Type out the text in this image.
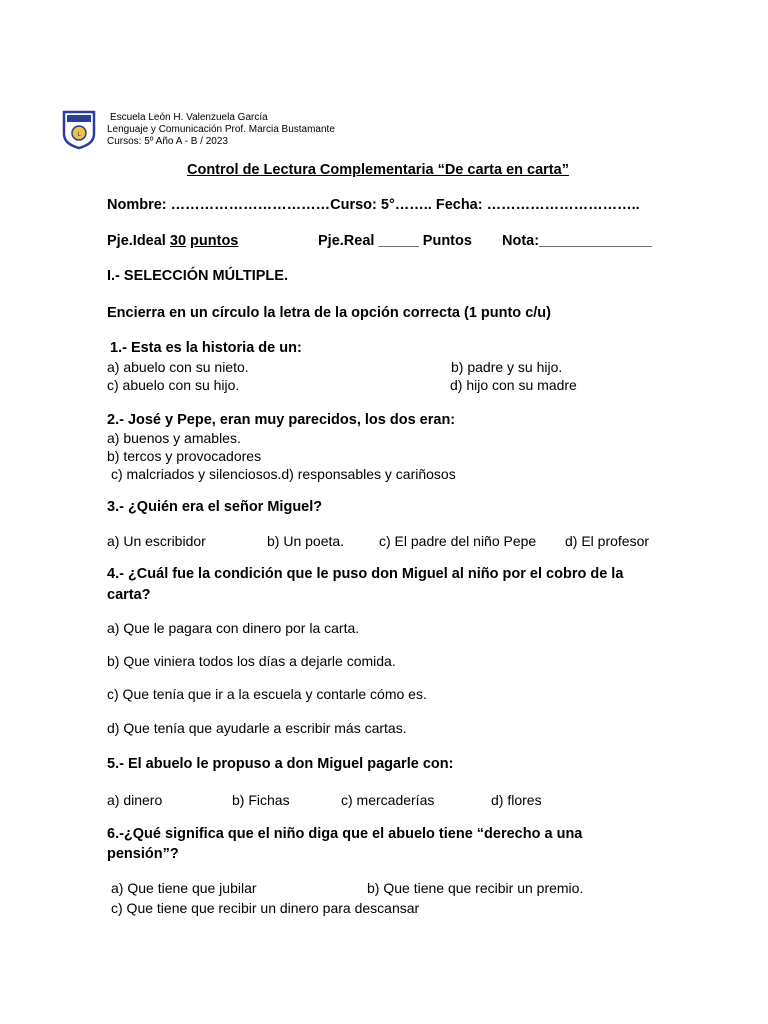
L
Escuela León H. Valenzuela García
Lenguaje y Comunicación Prof. Marcia Bustamante
Cursos: 5º Año A - B / 2023
Control de Lectura Complementaria “De carta en carta”
Nombre: ……………………………Curso: 5°…….. Fecha: …………………………..
Pje.Ideal 30 puntos	Pje.Real _____ Puntos Nota:______________
I.- SELECCIÓN MÚLTIPLE.
Encierra en un círculo la letra de la opción correcta (1 punto c/u)
1.- Esta es la historia de un:
a) abuelo con su nieto.	b) padre y su hijo.
c) abuelo con su hijo.	d) hijo con su madre
2.- José y Pepe, eran muy parecidos, los dos eran:
a) buenos y amables.
b) tercos y provocadores
c) malcriados y silenciosos.d) responsables y cariñosos
3.- ¿Quién era el señor Miguel?
a) Un escribidor	b) Un poeta. c) El padre del niño Pepe d) El profesor
4.- ¿Cuál fue la condición que le puso don Miguel al niño por el cobro de la
carta?
a) Que le pagara con dinero por la carta.
b) Que viniera todos los días a dejarle comida.
c) Que tenía que ir a la escuela y contarle cómo es.
d) Que tenía que ayudarle a escribir más cartas.
5.- El abuelo le propuso a don Miguel pagarle con:
a) dinero	b) Fichas	c) mercaderías	d) flores
6.-¿Qué significa que el niño diga que el abuelo tiene “derecho a una
pensión”?
a) Que tiene que jubilar	b) Que tiene que recibir un premio.
c) Que tiene que recibir un dinero para descansar
